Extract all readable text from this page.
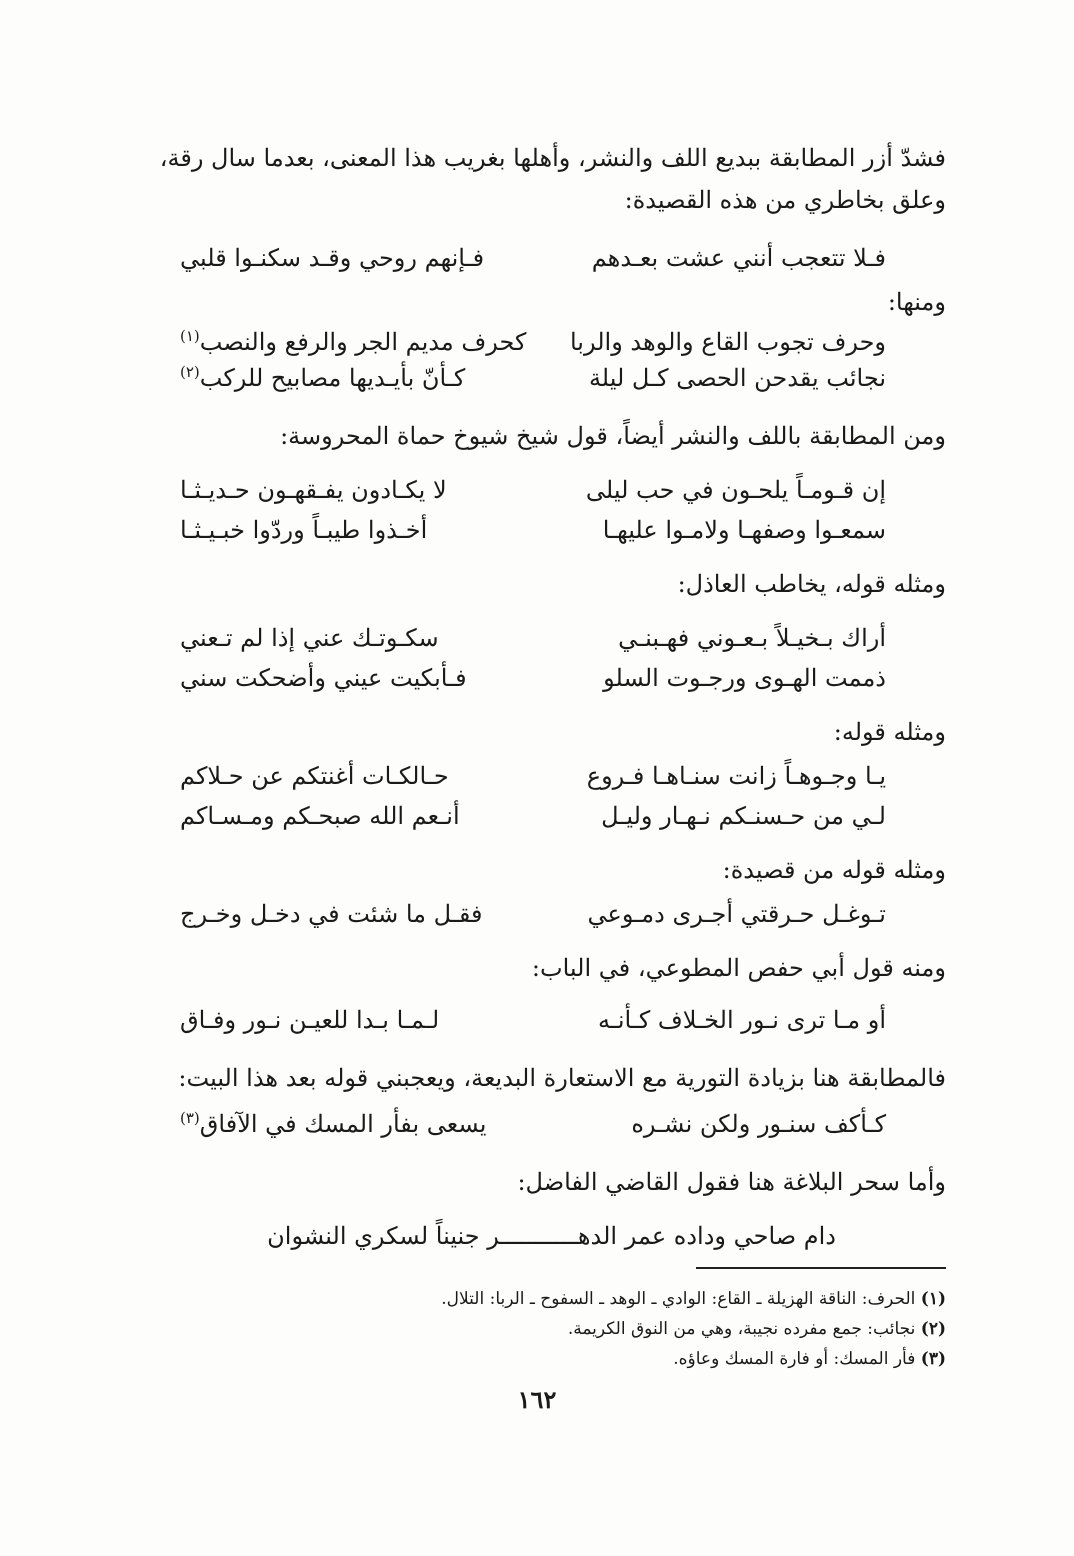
فشدّ أزر المطابقة ببديع اللف والنشر، وأهلها بغريب هذا المعنى، بعدما سال رقة،
وعلق بخاطري من هذه القصيدة:
فـلا تتعجب أنني عشت بعـدهم
فـإنهم روحي وقـد سكنـوا قلبي
ومنها:
وحرف تجوب القاع والوهد والربا
كحرف مديم الجر والرفع والنصب$^{(١)}$
نجائب يقدحن الحصى كـل ليلة
كـأنّ بأيـديها مصابيح للركب$^{(٢)}$
ومن المطابقة باللف والنشر أيضاً، قول شيخ شيوخ حماة المحروسة:
إن قـومـاً يلحـون في حب ليلى
لا يكـادون يفـقهـون حـديـثـا
سمعـوا وصفهـا ولامـوا عليهـا
أخـذوا طيبـاً وردّوا خبـيـثـا
ومثله قوله، يخاطب العاذل:
أراك بـخيـلاً بـعـوني فهـبنـي
سكـوتـك عني إذا لم تـعني
ذممت الهـوى ورجـوت السلو
فـأبكيت عيني وأضحكت سني
ومثله قوله:
يـا وجـوهـاً زانت سنـاهـا فـروع
حـالكـات أغنتكم عن حـلاكم
لـي من حـسنـكم نـهـار وليـل
أنـعم الله صبحـكم ومـسـاكم
ومثله قوله من قصيدة:
تـوغـل حـرقتي أجـرى دمـوعي
فقـل ما شئت في دخـل وخـرج
ومنه قول أبي حفص المطوعي، في الباب:
أو مـا ترى نـور الخـلاف كـأنـه
لـمـا بـدا للعيـن نـور وفـاق
فالمطابقة هنا بزيادة التورية مع الاستعارة البديعة، ويعجبني قوله بعد هذا البيت:
كـأكف سنـور ولكن نشـره
يسعى بفأر المسك في الآفاق$^{(٣)}$
وأما سحر البلاغة هنا فقول القاضي الفاضل:
دام صاحي وداده عمر الدهـــــــــــر جنيناً لسكري النشوان
(١) الحرف: الناقة الهزيلة ـ القاع: الوادي ـ الوهد ـ السفوح ـ الربا: التلال.
(٢) نجائب: جمع مفرده نجيبة، وهي من النوق الكريمة.
(٣) فأر المسك: أو فارة المسك وعاؤه.
١٦٢
